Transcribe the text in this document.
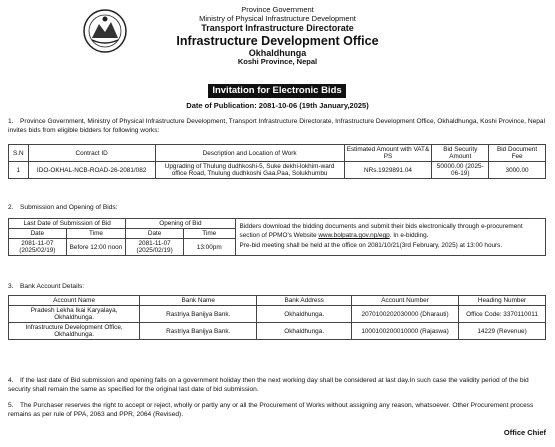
Province Government
Ministry of Physical Infrastructure Development
Transport Infrastructure Directorate
Infrastructure Development Office
Okhaldhunga
Koshi Province, Nepal
Invitation for Electronic Bids
Date of Publication: 2081-10-06 (19th January,2025)
1. Province Government, Ministry of Physical Infrastructure Development, Transport Infrastructure Directorate, Infrastructure Development Office, Okhaldhunga, Koshi Province, Nepal invites bids from eligible bidders for following works:
S.N	Contract ID	Description and Location of Work	Estimated Amount with VAT& PS	Bid Security Amount	Bid Document Fee
1	IDO-OKHAL-NCB-ROAD-26-2081/082	Upgrading of Thulung dudhkoshi-5, Suke dekhi-lokhim-ward office Road, Thulung dudhkoshi Gaa.Paa, Solukhumbu	NRs.1929891.04	50000.00 (2025-06-19)	3000.00
2. Submission and Opening of Bids:
Last Date of Submission of Bid		Opening of Bid		Bidders download the bidding documents and submit their bids electronically through e-procurement section of PPMO's Website www.bolpatra.gov.np/egp. In e-bidding.
Pre-bid meeting shall be held at the office on 2081/10/21(3rd February, 2025) at 13:00 hours.
Date	Time	Date	Time	
2081-11-07 (2025/02/19)	Before 12:00 noon	2081-11-07 (2025/02/19)	13:00pm	
3. Bank Account Details:
Account Name	Bank Name	Bank Address	Account Number	Heading Number
Pradesh Lekha Ikai Karyalaya, Okhaldhunga.	Rastriya Banijya Bank.	Okhaldhunga.	2070100202030000 (Dharauti)	Office Code: 3370110011
Infrastructure Development Office, Okhaldhunga.	Rastriya Banijya Bank.	Okhaldhunga.	1000100200010000 (Rajaswa)	14229 (Revenue)
4. If the last date of Bid submission and opening falls on a government holiday then the next working day shall be considered at last day.In such case the validity period of the bid security shall remain the same as specified for the original last date of bid submission.
5. The Purchaser reserves the right to accept or reject, wholly or partly any or all the Procurement of Works without assigning any reason, whatsoever. Other Procurement process remains as per rule of PPA, 2063 and PPR, 2064 (Revised).
Office Chief
